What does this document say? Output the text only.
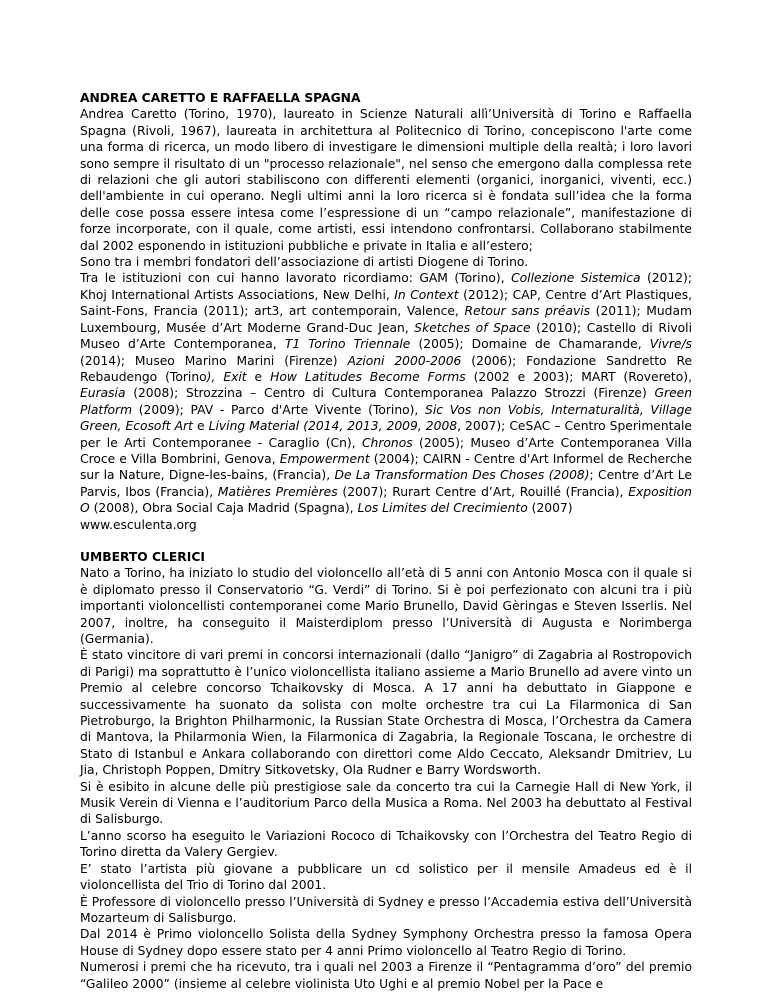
ANDREA CARETTO E RAFFAELLA SPAGNA

Andrea Caretto (Torino, 1970), laureato in Scienze Naturali allì’Università di Torino e Raffaella Spagna (Rivoli, 1967), laureata in architettura al Politecnico di Torino, concepiscono l'arte come una forma di ricerca, un modo libero di investigare le dimensioni multiple della realtà; i loro lavori sono sempre il risultato di un "processo relazionale", nel senso che emergono dalla complessa rete di relazioni che gli autori stabiliscono con differenti elementi (organici, inorganici, viventi, ecc.) dell'ambiente in cui operano. Negli ultimi anni la loro ricerca si è fondata sull’idea che la forma delle cose possa essere intesa come l’espressione di un “campo relazionale”, manifestazione di forze incorporate, con il quale, come artisti, essi intendono confrontarsi. Collaborano stabilmente dal 2002 esponendo in istituzioni pubbliche e private in Italia e all’estero;

Sono tra i membri fondatori dell’associazione di artisti Diogene di Torino.

Tra le istituzioni con cui hanno lavorato ricordiamo: GAM (Torino), Collezione Sistemica (2012); Khoj International Artists Associations, New Delhi, In Context (2012); CAP, Centre d’Art Plastiques, Saint-Fons, Francia (2011); art3, art contemporain, Valence, Retour sans préavis (2011); Mudam Luxembourg, Musée d’Art Moderne Grand-Duc Jean, Sketches of Space (2010); Castello di Rivoli Museo d’Arte Contemporanea, T1 Torino Triennale (2005); Domaine de Chamarande, Vivre/s (2014); Museo Marino Marini (Firenze) Azioni 2000-2006 (2006); Fondazione Sandretto Re Rebaudengo (Torino), Exit e How Latitudes Become Forms (2002 e 2003); MART (Rovereto), Eurasia (2008); Strozzina – Centro di Cultura Contemporanea Palazzo Strozzi (Firenze) Green Platform (2009); PAV - Parco d'Arte Vivente (Torino), Sic Vos non Vobis, Internaturalità, Village Green, Ecosoft Art e Living Material (2014, 2013, 2009, 2008, 2007); CeSAC – Centro Sperimentale per le Arti Contemporanee - Caraglio (Cn), Chronos (2005); Museo d’Arte Contemporanea Villa Croce e Villa Bombrini, Genova, Empowerment (2004); CAIRN - Centre d'Art Informel de Recherche sur la Nature, Digne-les-bains, (Francia), De La Transformation Des Choses (2008); Centre d’Art Le Parvis, Ibos (Francia), Matières Premières (2007); Rurart Centre d’Art, Rouillé (Francia), Exposition O (2008), Obra Social Caja Madrid (Spagna), Los Limites del Crecimiento (2007)

www.esculenta.org

UMBERTO CLERICI

Nato a Torino, ha iniziato lo studio del violoncello all’età di 5 anni con Antonio Mosca con il quale si è diplomato presso il Conservatorio “G. Verdi” di Torino. Si è poi perfezionato con alcuni tra i più importanti violoncellisti contemporanei come Mario Brunello, David Gèringas e Steven Isserlis. Nel 2007, inoltre, ha conseguito il Maisterdiplom presso l’Università di Augusta e Norimberga (Germania).

È stato vincitore di vari premi in concorsi internazionali (dallo “Janigro” di Zagabria al Rostropovich di Parigi) ma soprattutto è l’unico violoncellista italiano assieme a Mario Brunello ad avere vinto un Premio al celebre concorso Tchaikovsky di Mosca. A 17 anni ha debuttato in Giappone e successivamente ha suonato da solista con molte orchestre tra cui La Filarmonica di San Pietroburgo, la Brighton Philharmonic, la Russian State Orchestra di Mosca, l’Orchestra da Camera di Mantova, la Philarmonia Wien, la Filarmonica di Zagabria, la Regionale Toscana, le orchestre di Stato di Istanbul e Ankara collaborando con direttori come Aldo Ceccato, Aleksandr Dmitriev, Lu Jia, Christoph Poppen, Dmitry Sitkovetsky, Ola Rudner e Barry Wordsworth.

Si è esibito in alcune delle più prestigiose sale da concerto tra cui la Carnegie Hall di New York, il Musik Verein di Vienna e l’auditorium Parco della Musica a Roma. Nel 2003 ha debuttato al Festival di Salisburgo.

L’anno scorso ha eseguito le Variazioni Rococo di Tchaikovsky con l’Orchestra del Teatro Regio di Torino diretta da Valery Gergiev.

E’ stato l’artista più giovane a pubblicare un cd solistico per il mensile Amadeus ed è il violoncellista del Trio di Torino dal 2001.

È Professore di violoncello presso l’Università di Sydney e presso l’Accademia estiva dell’Università Mozarteum di Salisburgo.

Dal 2014 è Primo violoncello Solista della Sydney Symphony Orchestra presso la famosa Opera House di Sydney dopo essere stato per 4 anni Primo violoncello al Teatro Regio di Torino.

Numerosi i premi che ha ricevuto, tra i quali nel 2003 a Firenze il “Pentagramma d’oro” del premio “Galileo 2000” (insieme al celebre violinista Uto Ughi e al premio Nobel per la Pace e
